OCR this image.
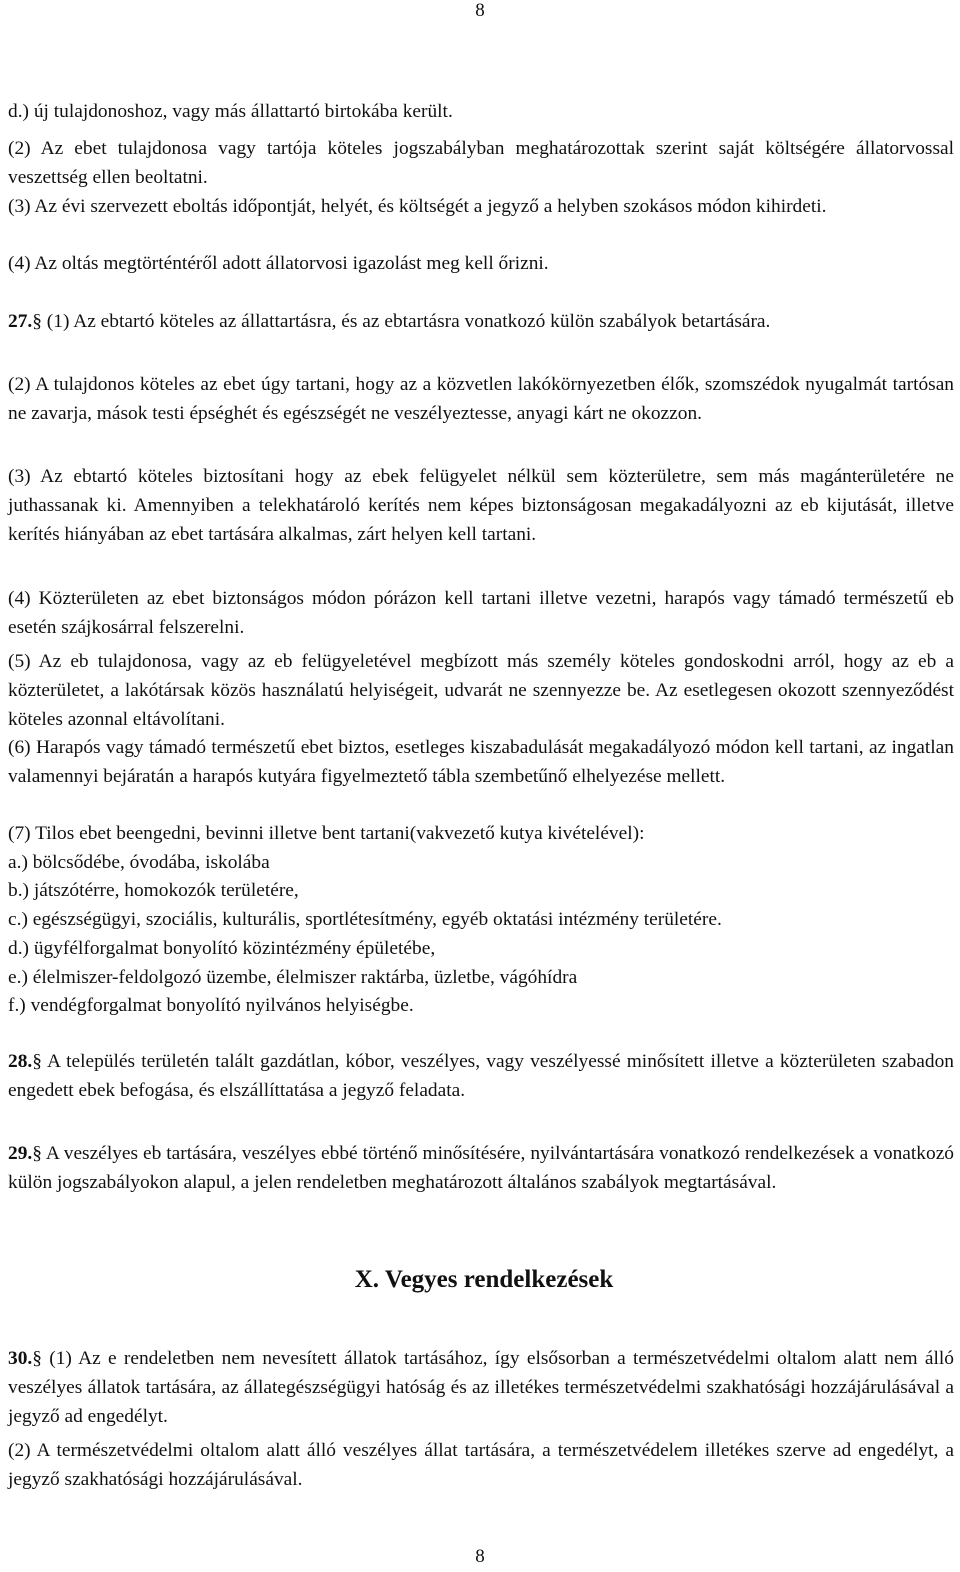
8

d.) új tulajdonoshoz, vagy más állattartó birtokába került.

(2) Az ebet tulajdonosa vagy tartója köteles jogszabályban meghatározottak szerint saját költségére állatorvossal veszettség ellen beoltatni.

(3) Az évi szervezett eboltás időpontját, helyét, és költségét a jegyző a helyben szokásos módon kihirdeti.

(4) Az oltás megtörténtéről adott állatorvosi igazolást meg kell őrizni.

27.§ (1) Az ebtartó köteles az állattartásra, és az ebtartásra vonatkozó külön szabályok betartására.

(2) A tulajdonos köteles az ebet úgy tartani, hogy az a közvetlen lakókörnyezetben élők, szomszédok nyugalmát tartósan ne zavarja, mások testi épséghét és egészségét ne veszélyeztesse, anyagi kárt ne okozzon.

(3) Az ebtartó köteles biztosítani hogy az ebek felügyelet nélkül sem közterületre, sem más magánterületére ne juthassanak ki. Amennyiben a telekhatároló kerítés nem képes biztonságosan megakadályozni az eb kijutását, illetve kerítés hiányában az ebet tartására alkalmas, zárt helyen kell tartani.

(4) Közterületen az ebet biztonságos módon pórázon kell tartani illetve vezetni, harapós vagy támadó természetű eb esetén szájkosárral felszerelni.

(5) Az eb tulajdonosa, vagy az eb felügyeletével megbízott más személy köteles gondoskodni arról, hogy az eb a közterületet, a lakótársak közös használatú helyiségeit, udvarát ne szennyezze be. Az esetlegesen okozott szennyeződést köteles azonnal eltávolítani.

(6) Harapós vagy támadó természetű ebet biztos, esetleges kiszabadulását megakadályozó módon kell tartani, az ingatlan valamennyi bejáratán a harapós kutyára figyelmeztető tábla szembetűnő elhelyezése mellett.

(7) Tilos ebet beengedni, bevinni illetve bent tartani(vakvezető kutya kivételével):

a.) bölcsődébe, óvodába, iskolába

b.) játszótérre, homokozók területére,

c.) egészségügyi, szociális, kulturális, sportlétesítmény, egyéb oktatási intézmény területére.

d.) ügyfélforgalmat bonyolító közintézmény épületébe,

e.) élelmiszer-feldolgozó üzembe, élelmiszer raktárba, üzletbe, vágóhídra

f.) vendégforgalmat bonyolító nyilvános helyiségbe.

28.§ A település területén talált gazdátlan, kóbor, veszélyes, vagy veszélyessé minősített illetve a közterületen szabadon engedett ebek befogása, és elszállíttatása a jegyző feladata.

29.§ A veszélyes eb tartására, veszélyes ebbé történő minősítésére, nyilvántartására vonatkozó rendelkezések a vonatkozó külön jogszabályokon alapul, a jelen rendeletben meghatározott általános szabályok megtartásával.

X. Vegyes rendelkezések

30.§ (1) Az e rendeletben nem nevesített állatok tartásához, így elsősorban a természetvédelmi oltalom alatt nem álló veszélyes állatok tartására, az állategészségügyi hatóság és az illetékes természetvédelmi szakhatósági hozzájárulásával a jegyző ad engedélyt.

(2) A természetvédelmi oltalom alatt álló veszélyes állat tartására, a természetvédelem illetékes szerve ad engedélyt, a jegyző szakhatósági hozzájárulásával.

8
